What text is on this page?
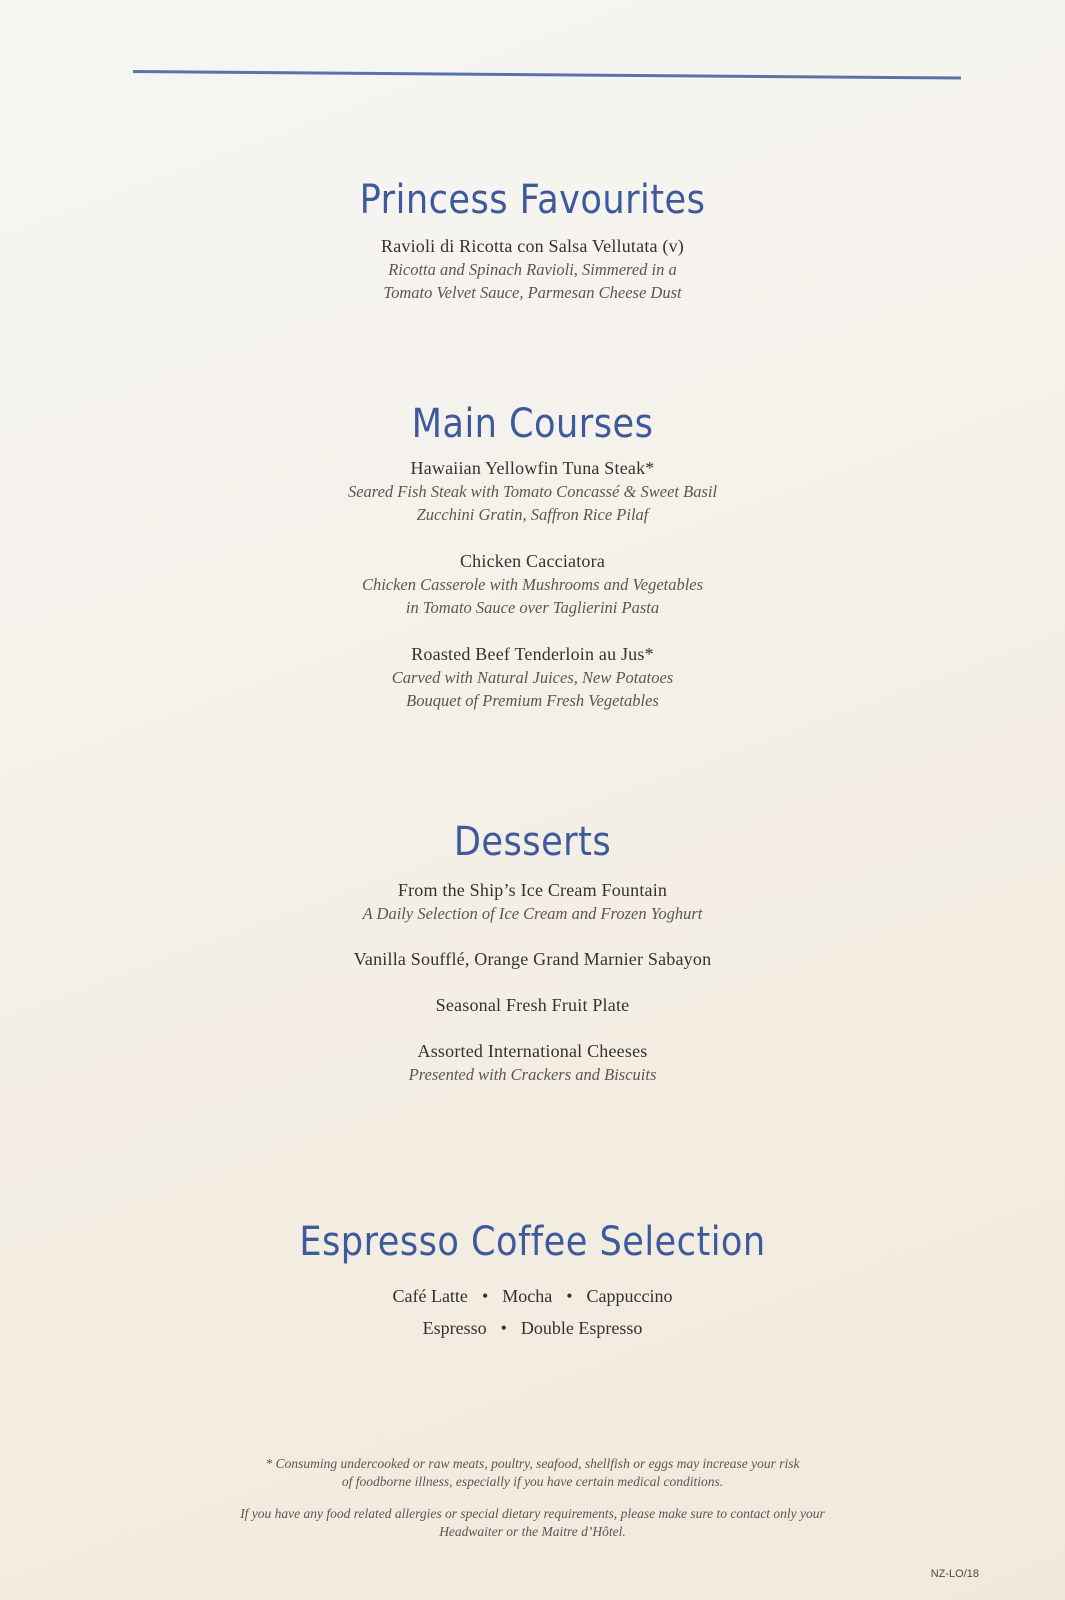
Princess Favourites
Ravioli di Ricotta con Salsa Vellutata (v)
Ricotta and Spinach Ravioli, Simmered in a
Tomato Velvet Sauce, Parmesan Cheese Dust
Main Courses
Hawaiian Yellowfin Tuna Steak*
Seared Fish Steak with Tomato Concassé & Sweet Basil
Zucchini Gratin, Saffron Rice Pilaf
Chicken Cacciatora
Chicken Casserole with Mushrooms and Vegetables
in Tomato Sauce over Taglierini Pasta
Roasted Beef Tenderloin au Jus*
Carved with Natural Juices, New Potatoes
Bouquet of Premium Fresh Vegetables
Desserts
From the Ship’s Ice Cream Fountain
A Daily Selection of Ice Cream and Frozen Yoghurt
Vanilla Soufflé, Orange Grand Marnier Sabayon
Seasonal Fresh Fruit Plate
Assorted International Cheeses
Presented with Crackers and Biscuits
Espresso Coffee Selection
Café Latte • Mocha • Cappuccino
Espresso • Double Espresso
* Consuming undercooked or raw meats, poultry, seafood, shellfish or eggs may increase your risk
of foodborne illness, especially if you have certain medical conditions.
If you have any food related allergies or special dietary requirements, please make sure to contact only your
Headwaiter or the Maitre d’Hôtel.
NZ-LO/18
